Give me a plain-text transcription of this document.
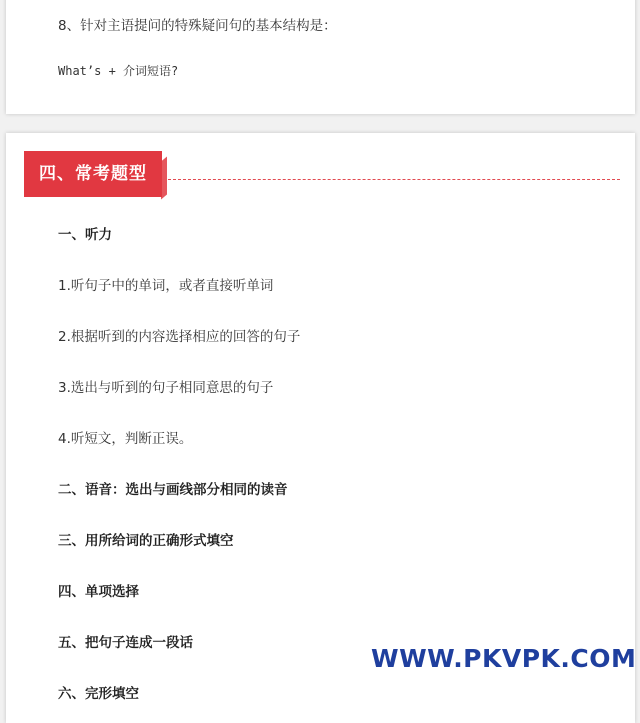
8、针对主语提问的特殊疑问句的基本结构是：
What’s + 介词短语?
四、常考题型
一、听力
1.听句子中的单词，或者直接听单词
2.根据听到的内容选择相应的回答的句子
3.选出与听到的句子相同意思的句子
4.听短文，判断正误。
二、语音：选出与画线部分相同的读音
三、用所给词的正确形式填空
四、单项选择
五、把句子连成一段话
六、完形填空
WWW.PKVPK.COM
